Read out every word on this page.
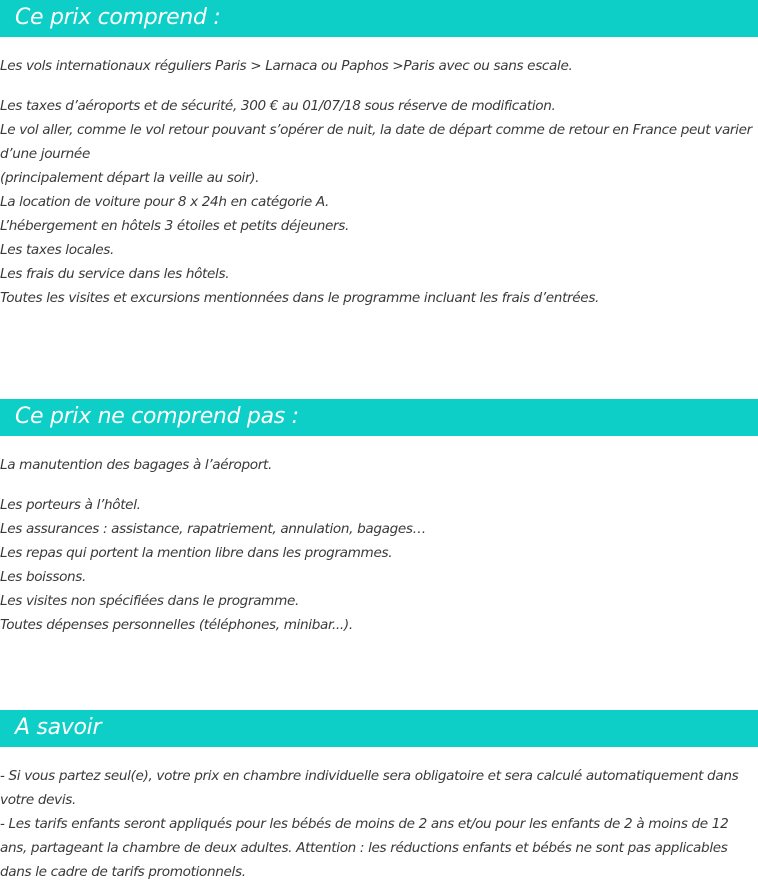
Ce prix comprend :
Les vols internationaux réguliers Paris > Larnaca ou Paphos >Paris avec ou sans escale.
Les taxes d’aéroports et de sécurité, 300 € au 01/07/18 sous réserve de modification.
Le vol aller, comme le vol retour pouvant s’opérer de nuit, la date de départ comme de retour en France peut varier d’une journée
(principalement départ la veille au soir).
La location de voiture pour 8 x 24h en catégorie A.
L’hébergement en hôtels 3 étoiles et petits déjeuners.
Les taxes locales.
Les frais du service dans les hôtels.
Toutes les visites et excursions mentionnées dans le programme incluant les frais d’entrées.
Ce prix ne comprend pas :
La manutention des bagages à l’aéroport.
Les porteurs à l’hôtel.
Les assurances : assistance, rapatriement, annulation, bagages…
Les repas qui portent la mention libre dans les programmes.
Les boissons.
Les visites non spécifiées dans le programme.
Toutes dépenses personnelles (téléphones, minibar...).
A savoir
- Si vous partez seul(e), votre prix en chambre individuelle sera obligatoire et sera calculé automatiquement dans votre devis.
- Les tarifs enfants seront appliqués pour les bébés de moins de 2 ans et/ou pour les enfants de 2 à moins de 12 ans, partageant la chambre de deux adultes. Attention : les réductions enfants et bébés ne sont pas applicables dans le cadre de tarifs promotionnels.
